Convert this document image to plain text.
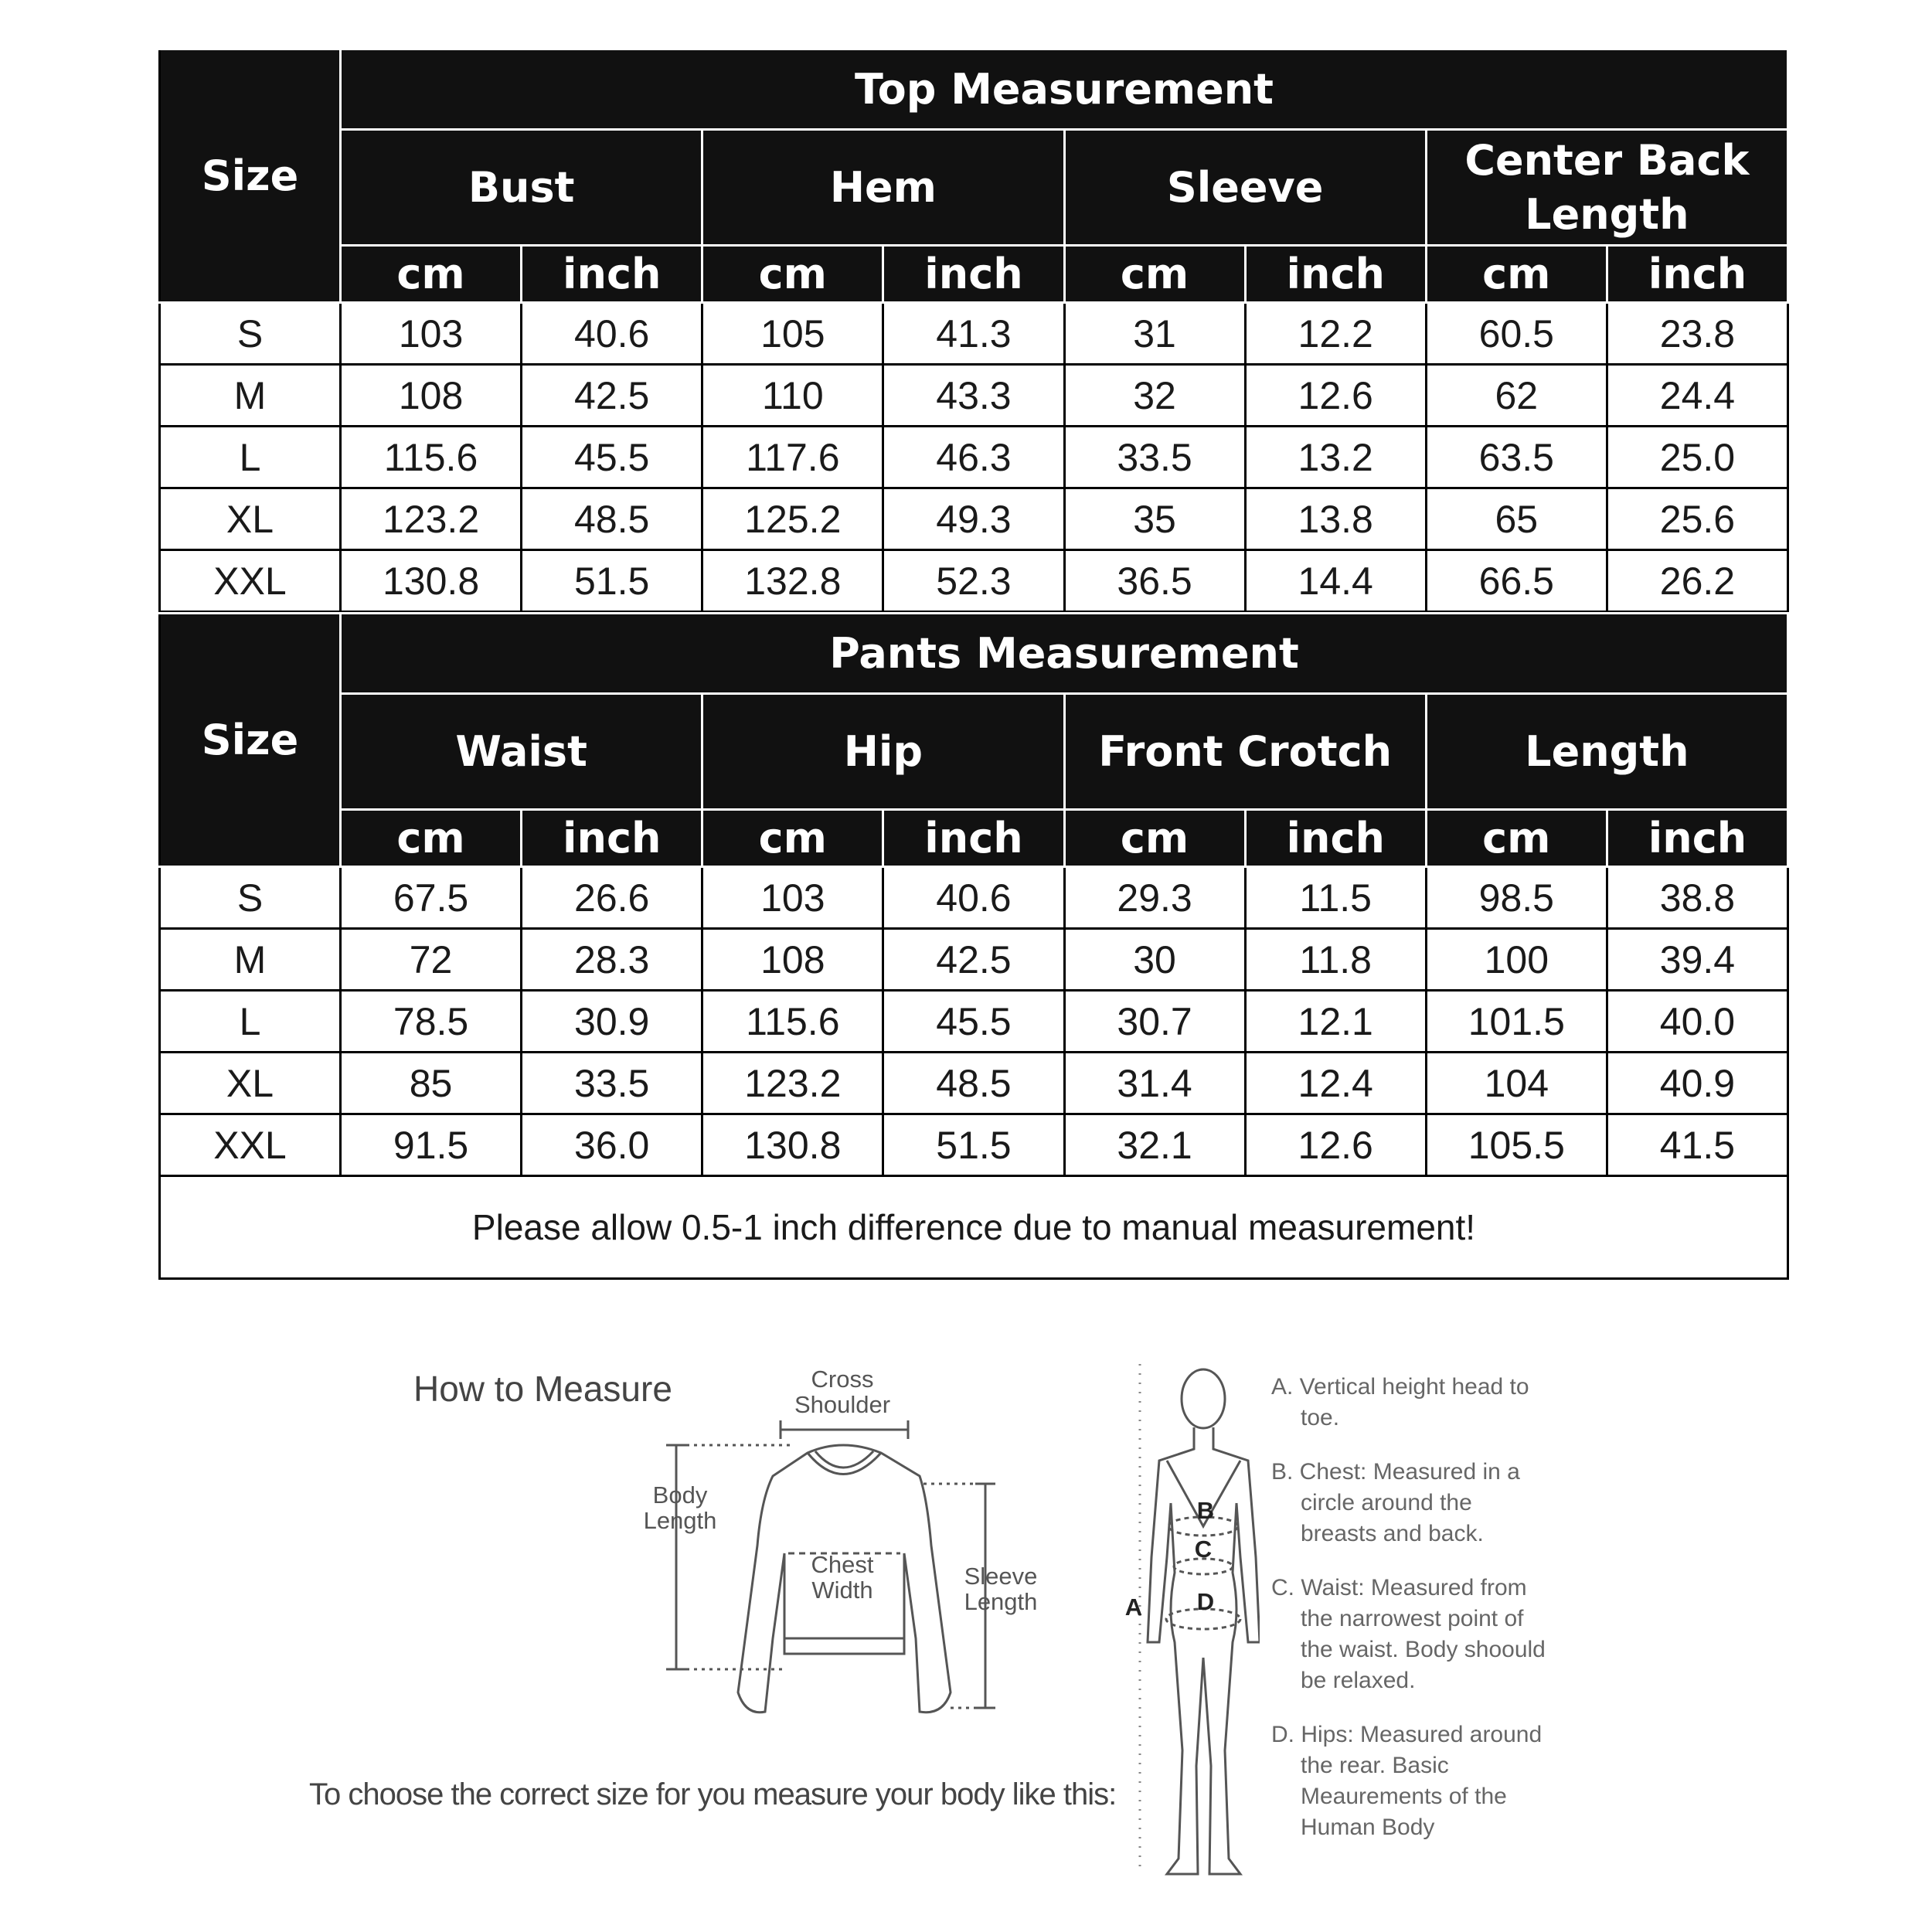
Size	Top Measurement							
	Bust		Hem		Sleeve		Center Back Length	
	cm	inch	cm	inch	cm	inch	cm	inch
S	103	40.6	105	41.3	31	12.2	60.5	23.8
M	108	42.5	110	43.3	32	12.6	62	24.4
L	115.6	45.5	117.6	46.3	33.5	13.2	63.5	25.0
XL	123.2	48.5	125.2	49.3	35	13.8	65	25.6
XXL	130.8	51.5	132.8	52.3	36.5	14.4	66.5	26.2
Size	Pants Measurement							
	Waist		Hip		Front Crotch		Length	
	cm	inch	cm	inch	cm	inch	cm	inch
S	67.5	26.6	103	40.6	29.3	11.5	98.5	38.8
M	72	28.3	108	42.5	30	11.8	100	39.4
L	78.5	30.9	115.6	45.5	30.7	12.1	101.5	40.0
XL	85	33.5	123.2	48.5	31.4	12.4	104	40.9
XXL	91.5	36.0	130.8	51.5	32.1	12.6	105.5	41.5
Please allow 0.5-1 inch difference due to manual measurement!								
How to Measure
To choose the correct size for you measure your body like this:
Cross
Shoulder
Body
Length
Chest
Width
Sleeve
Length
B
C
D
A
A. Vertical height head to toe.
B. Chest: Measured in a circle around the breasts and back.
C. Waist: Measured from the narrowest point of the waist. Body shoould be relaxed.
D. Hips: Measured around the rear. Basic Meaurements of the Human Body
